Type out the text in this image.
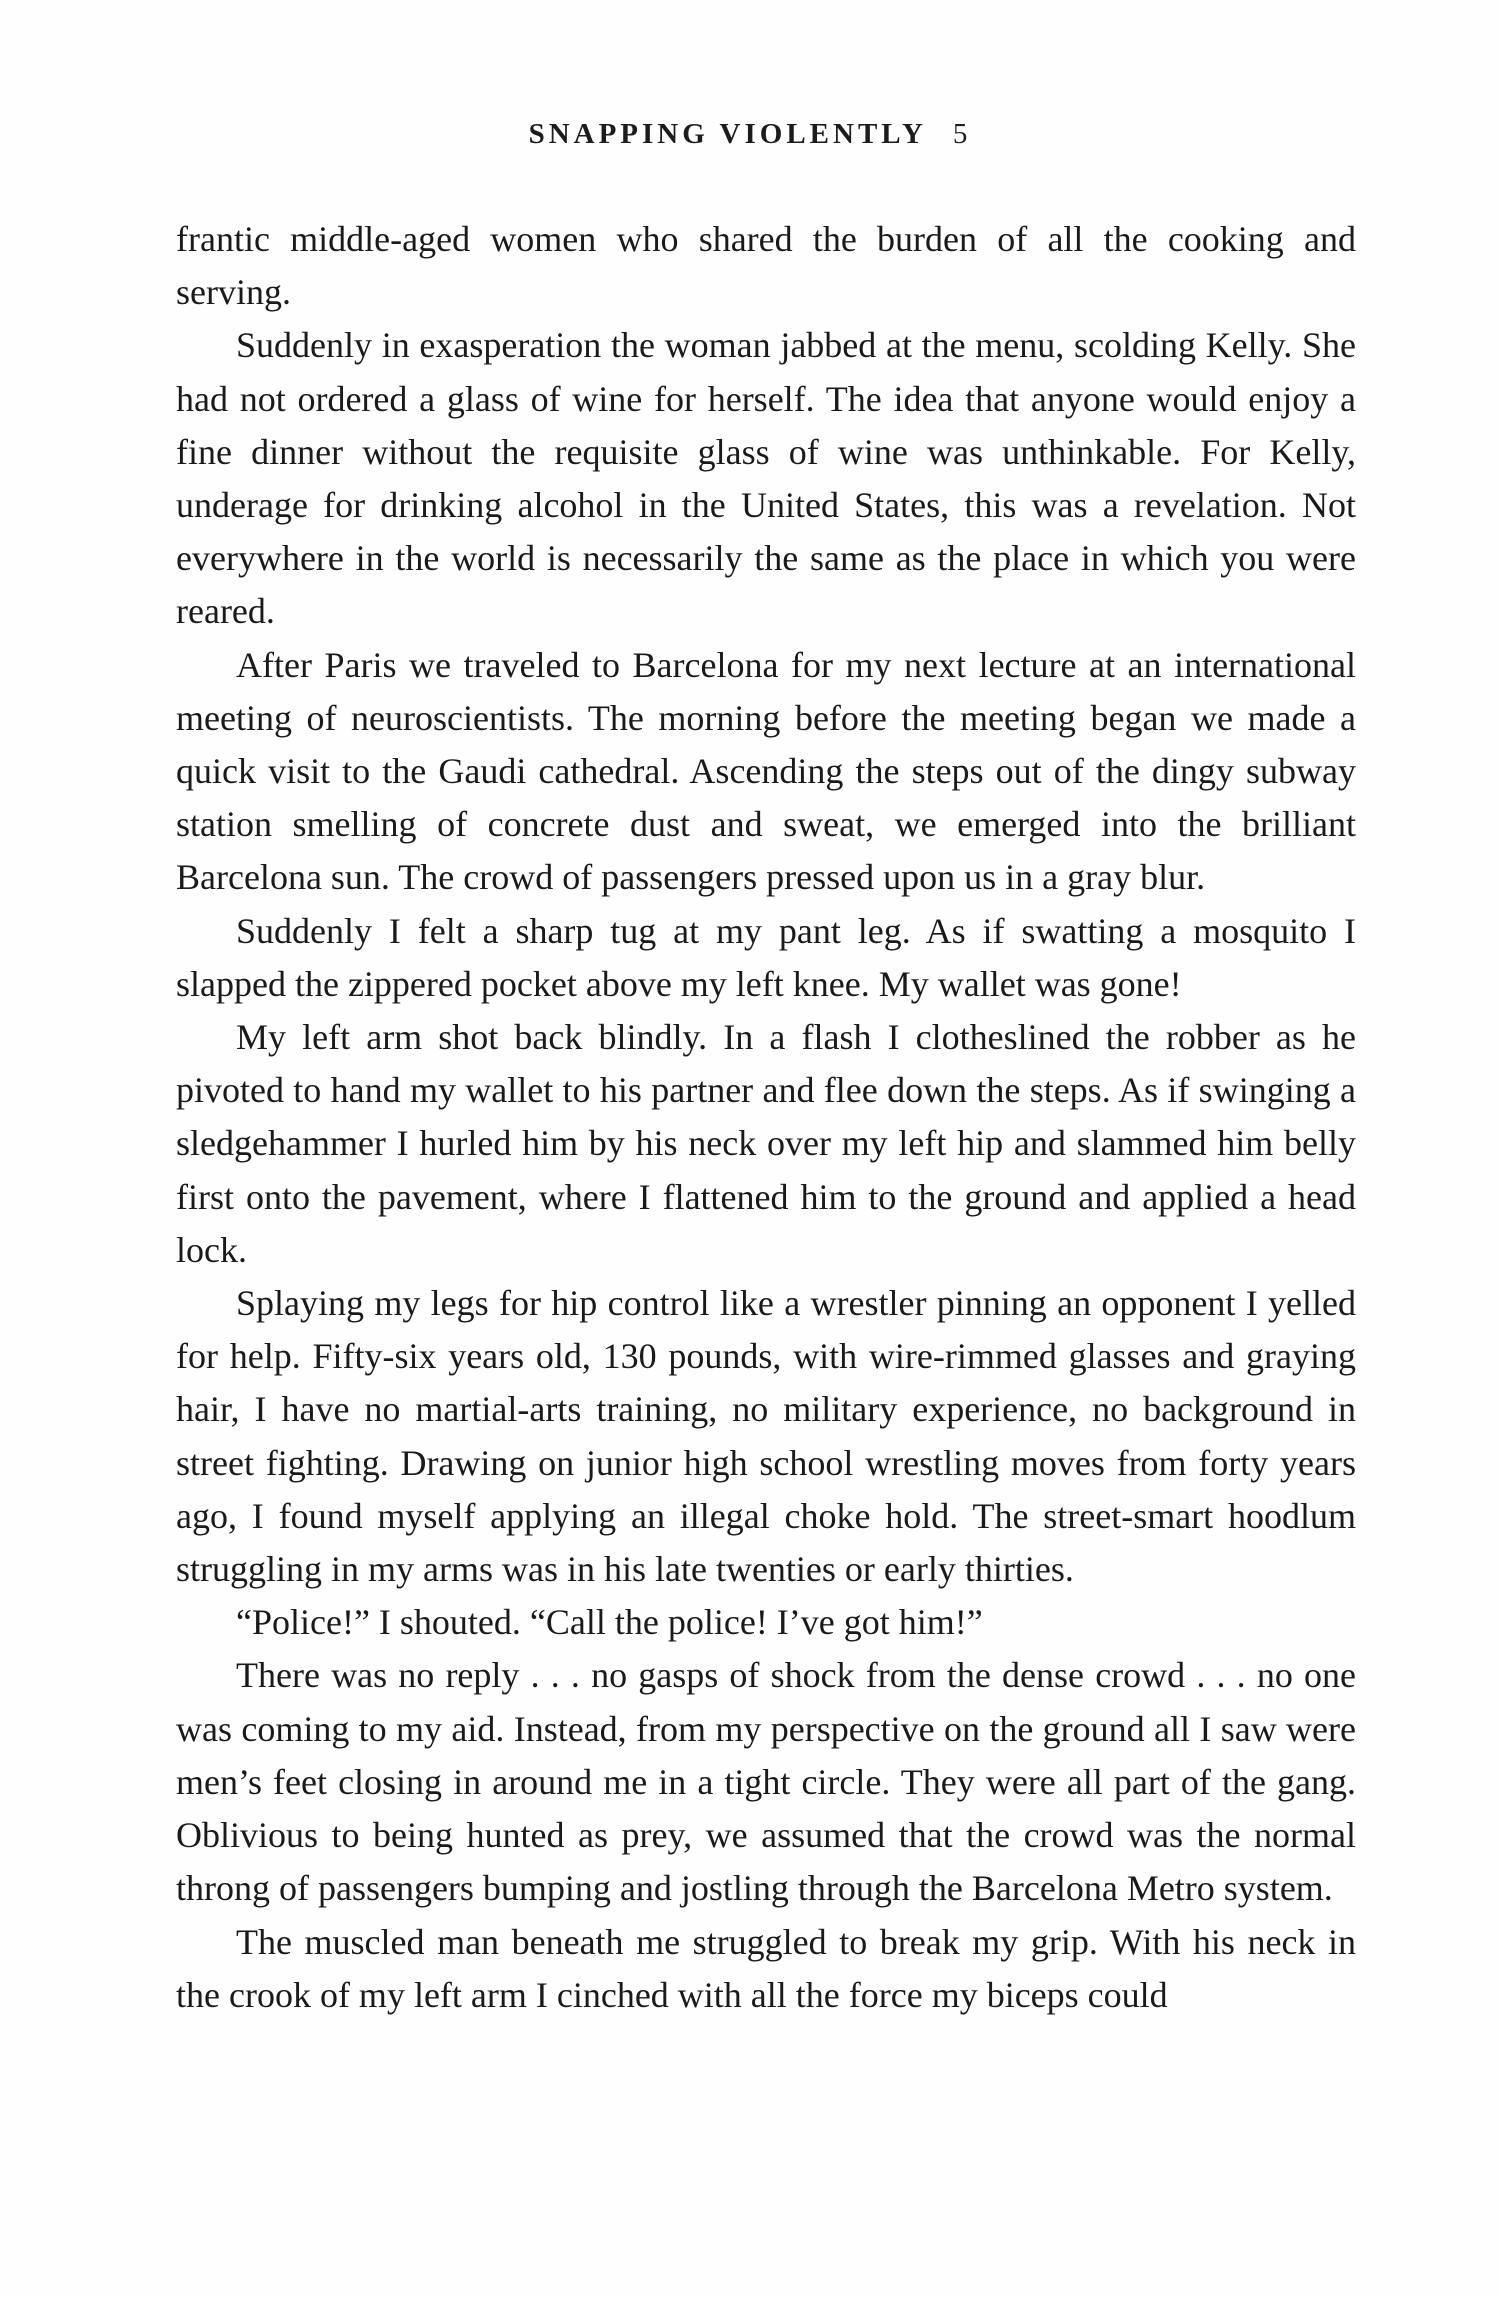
SNAPPING VIOLENTLY 5

frantic middle-aged women who shared the burden of all the cooking and serving.

Suddenly in exasperation the woman jabbed at the menu, scolding Kelly. She had not ordered a glass of wine for herself. The idea that anyone would enjoy a fine dinner without the requisite glass of wine was unthinkable. For Kelly, underage for drinking alcohol in the United States, this was a revelation. Not everywhere in the world is necessarily the same as the place in which you were reared.

After Paris we traveled to Barcelona for my next lecture at an international meeting of neuroscientists. The morning before the meeting began we made a quick visit to the Gaudi cathedral. Ascending the steps out of the dingy subway station smelling of concrete dust and sweat, we emerged into the brilliant Barcelona sun. The crowd of passengers pressed upon us in a gray blur.

Suddenly I felt a sharp tug at my pant leg. As if swatting a mosquito I slapped the zippered pocket above my left knee. My wallet was gone!

My left arm shot back blindly. In a flash I clotheslined the robber as he pivoted to hand my wallet to his partner and flee down the steps. As if swinging a sledgehammer I hurled him by his neck over my left hip and slammed him belly first onto the pavement, where I flattened him to the ground and applied a head lock.

Splaying my legs for hip control like a wrestler pinning an opponent I yelled for help. Fifty-six years old, 130 pounds, with wire-rimmed glasses and graying hair, I have no martial-arts training, no military experience, no background in street fighting. Drawing on junior high school wrestling moves from forty years ago, I found myself applying an illegal choke hold. The street-smart hoodlum struggling in my arms was in his late twenties or early thirties.

“Police!” I shouted. “Call the police! I’ve got him!”

There was no reply . . . no gasps of shock from the dense crowd . . . no one was coming to my aid. Instead, from my perspective on the ground all I saw were men’s feet closing in around me in a tight circle. They were all part of the gang. Oblivious to being hunted as prey, we assumed that the crowd was the normal throng of passengers bumping and jostling through the Barcelona Metro system.

The muscled man beneath me struggled to break my grip. With his neck in the crook of my left arm I cinched with all the force my biceps could
